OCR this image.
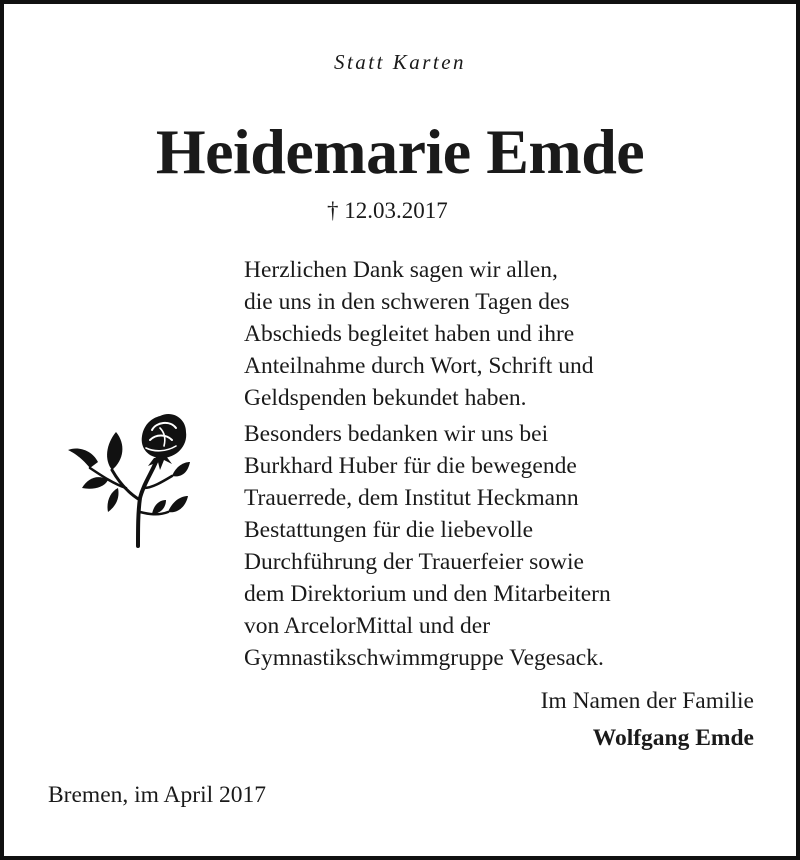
Statt Karten
Heidemarie Emde
† 12.03.2017
Herzlichen Dank sagen wir allen,
die uns in den schweren Tagen des
Abschieds begleitet haben und ihre
Anteilnahme durch Wort, Schrift und
Geldspenden bekundet haben.
Besonders bedanken wir uns bei
Burkhard Huber für die bewegende
Trauerrede, dem Institut Heckmann
Bestattungen für die liebevolle
Durchführung der Trauerfeier sowie
dem Direktorium und den Mitarbeitern
von ArcelorMittal und der
Gymnastikschwimmgruppe Vegesack.
Im Namen der Familie
Wolfgang Emde
Bremen, im April 2017
